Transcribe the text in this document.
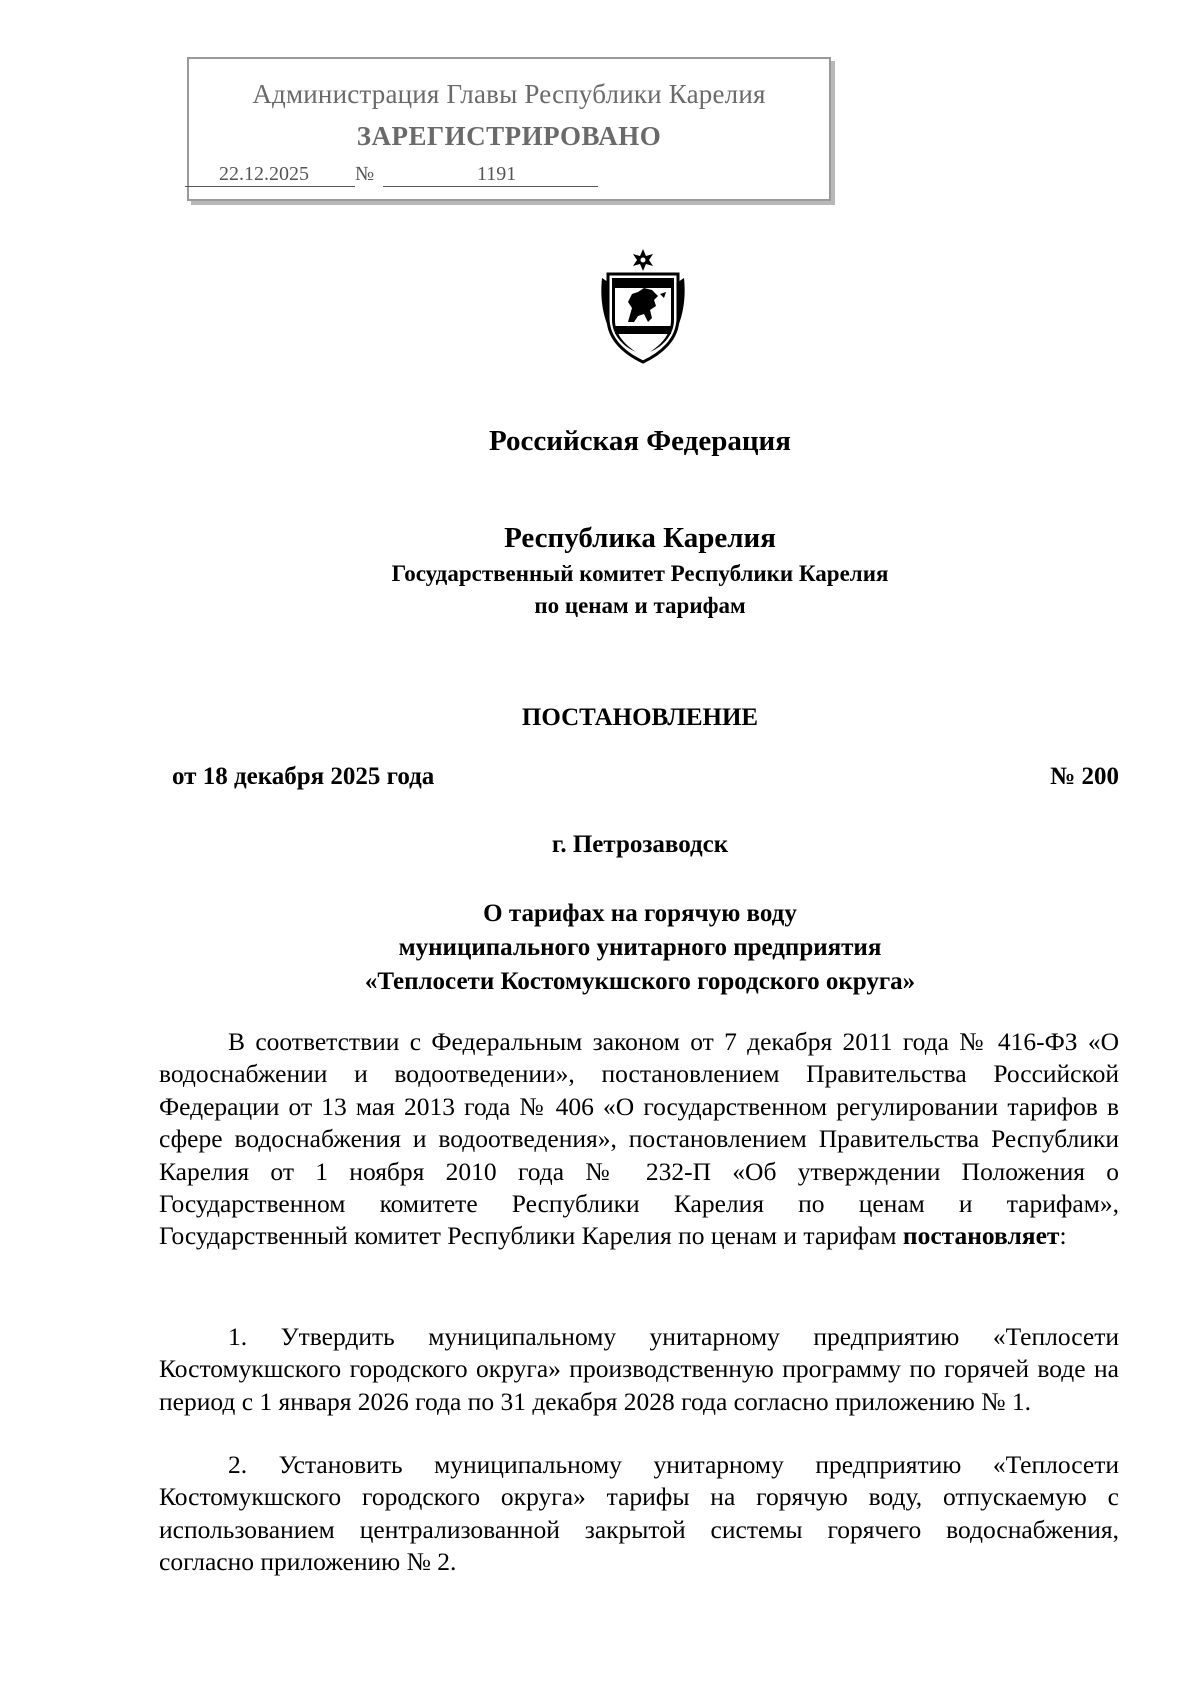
Администрация Главы Республики Карелия
ЗАРЕГИСТРИРОВАНО
22.12.2025 №	1191
Российская Федерация
Республика Карелия
Государственный комитет Республики Карелия
по ценам и тарифам
ПОСТАНОВЛЕНИЕ
от 18 декабря 2025 года	№ 200
г. Петрозаводск
О тарифах на горячую воду
муниципального унитарного предприятия
«Теплосети Костомукшского городского округа»

В соответствии с Федеральным законом от 7 декабря 2011 года № 416-ФЗ «О водоснабжении и водоотведении», постановлением Правительства Российской Федерации от 13 мая 2013 года № 406 «О государственном регулировании тарифов в сфере водоснабжения и водоотведения», постановлением Правительства Республики Карелия от 1 ноября 2010 года № 232-П «Об утверждении Положения о Государственном комитете Республики Карелия по ценам и тарифам», Государственный комитет Республики Карелия по ценам и тарифам постановляет:

1. Утвердить муниципальному унитарному предприятию «Теплосети Костомукшского городского округа» производственную программу по горячей воде на период с 1 января 2026 года по 31 декабря 2028 года согласно приложению № 1.

2. Установить муниципальному унитарному предприятию «Теплосети Костомукшского городского округа» тарифы на горячую воду, отпускаемую с использованием централизованной закрытой системы горячего водоснабжения, согласно приложению № 2.
